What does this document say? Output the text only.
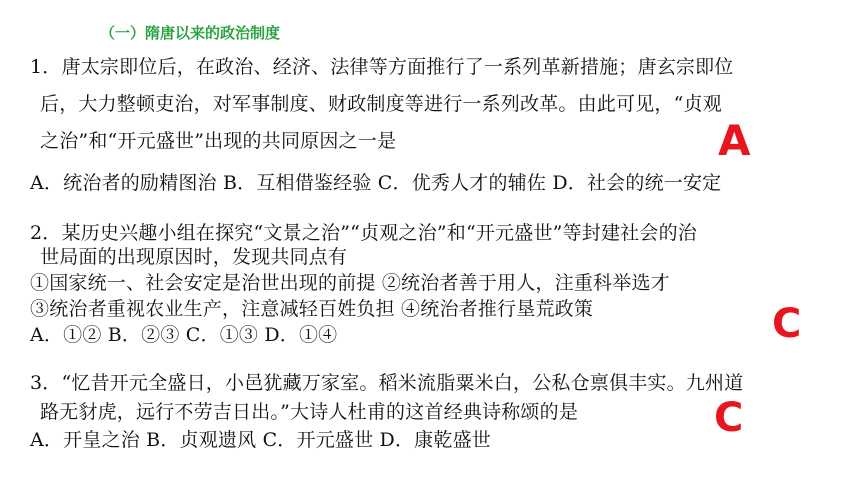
（一）隋唐以来的政治制度
1．唐太宗即位后，在政治、经济、法律等方面推行了一系列革新措施；唐玄宗即位
后，大力整顿吏治，对军事制度、财政制度等进行一系列改革。由此可见，“贞观
之治”和“开元盛世”出现的共同原因之一是
A．统治者的励精图治 B．互相借鉴经验 C．优秀人才的辅佐 D．社会的统一安定
A
2．某历史兴趣小组在探究“文景之治”“贞观之治”和“开元盛世”等封建社会的治
世局面的出现原因时，发现共同点有
①国家统一、社会安定是治世出现的前提 ②统治者善于用人，注重科举选才
③统治者重视农业生产，注意减轻百姓负担 ④统治者推行垦荒政策
A．①② B．②③ C．①③ D．①④	C
3．“忆昔开元全盛日，小邑犹藏万家室。稻米流脂粟米白，公私仓禀俱丰实。九州道
路无豺虎，远行不劳吉日出。”大诗人杜甫的这首经典诗称颂的是
A．开皇之治 B．贞观遗风 C．开元盛世 D．康乾盛世	C
